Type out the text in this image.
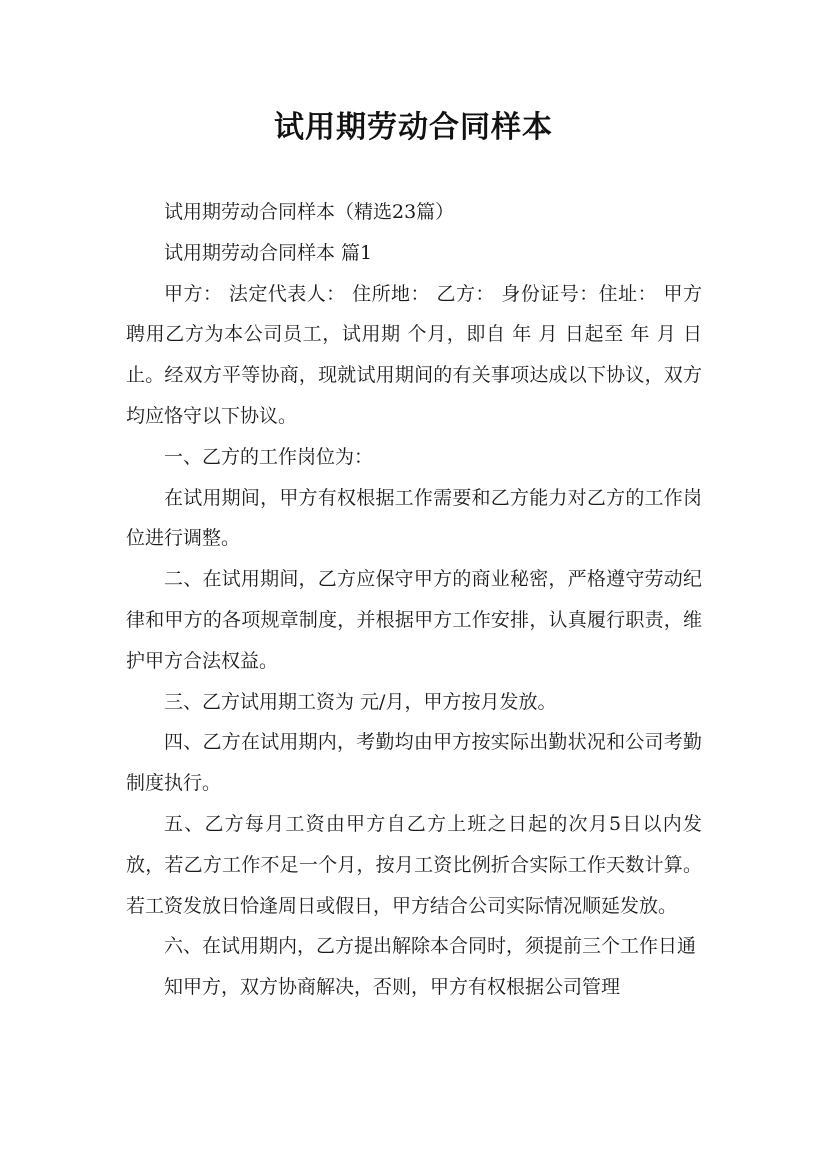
试用期劳动合同样本

试用期劳动合同样本（精选23篇）

试用期劳动合同样本 篇1

甲方： 法定代表人： 住所地： 乙方： 身份证号：住址： 甲方聘用乙方为本公司员工，试用期 个月，即自 年 月 日起至 年 月 日止。经双方平等协商，现就试用期间的有关事项达成以下协议，双方均应恪守以下协议。

一、乙方的工作岗位为：

在试用期间，甲方有权根据工作需要和乙方能力对乙方的工作岗位进行调整。

二、在试用期间，乙方应保守甲方的商业秘密，严格遵守劳动纪律和甲方的各项规章制度，并根据甲方工作安排，认真履行职责，维护甲方合法权益。

三、乙方试用期工资为 元/月，甲方按月发放。

四、乙方在试用期内，考勤均由甲方按实际出勤状况和公司考勤制度执行。

五、乙方每月工资由甲方自乙方上班之日起的次月5日以内发放，若乙方工作不足一个月，按月工资比例折合实际工作天数计算。若工资发放日恰逢周日或假日，甲方结合公司实际情况顺延发放。

六、在试用期内，乙方提出解除本合同时，须提前三个工作日通

知甲方，双方协商解决，否则，甲方有权根据公司管理
